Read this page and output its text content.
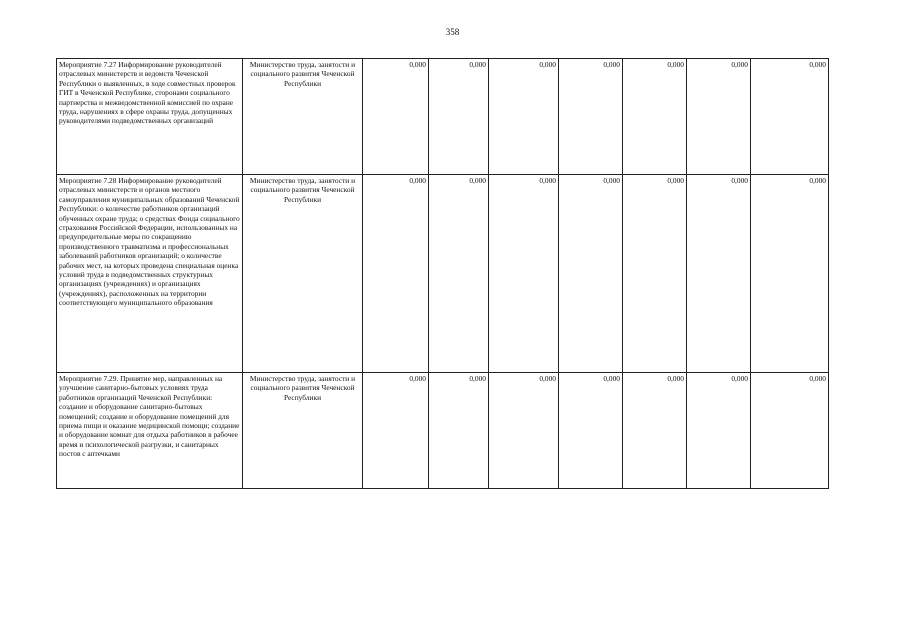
358
Мероприятие 7.27 Информирование руководителей отраслевых министерств и ведомств Чеченской Республики о выявленных, в ходе совместных проверок ГИТ в Чеченской Республике, сторонами социального партнерства и межведомственной комиссией по охране труда, нарушениях в сфере охраны труда, допущенных руководителями подведомственных организаций	Министерство труда, занятости и социального развития Чеченской Республики	0,000	0,000	0,000	0,000	0,000	0,000	0,000
Мероприятие 7.28 Информирование руководителей отраслевых министерств и органов местного самоуправления муниципальных образований Чеченской Республики: о количестве работников организаций обученных охране труда; о средствах Фонда социального страхования Российской Федерации, использованных на предупредительные меры по сокращению производственного травматизма и профессиональных заболеваний работников организаций; о количестве рабочих мест, на которых проведена специальная оценка условий труда в подведомственных структурных организациях (учреждениях) и организациях (учреждениях), расположенных на территории соответствующего муниципального образования	Министерство труда, занятости и социального развития Чеченской Республики	0,000	0,000	0,000	0,000	0,000	0,000	0,000
Мероприятие 7.29. Принятие мер, направленных на улучшение санитарно-бытовых условиях труда работников организаций Чеченской Республики: создание и оборудование санитарно-бытовых помещений; создание и оборудование помещений для приема пищи и оказание медицинской помощи; создание и оборудование комнат для отдыха работников в рабочее время и психологической разгрузки, и санитарных постов с аптечками	Министерство труда, занятости и социального развития Чеченской Республики	0,000	0,000	0,000	0,000	0,000	0,000	0,000
